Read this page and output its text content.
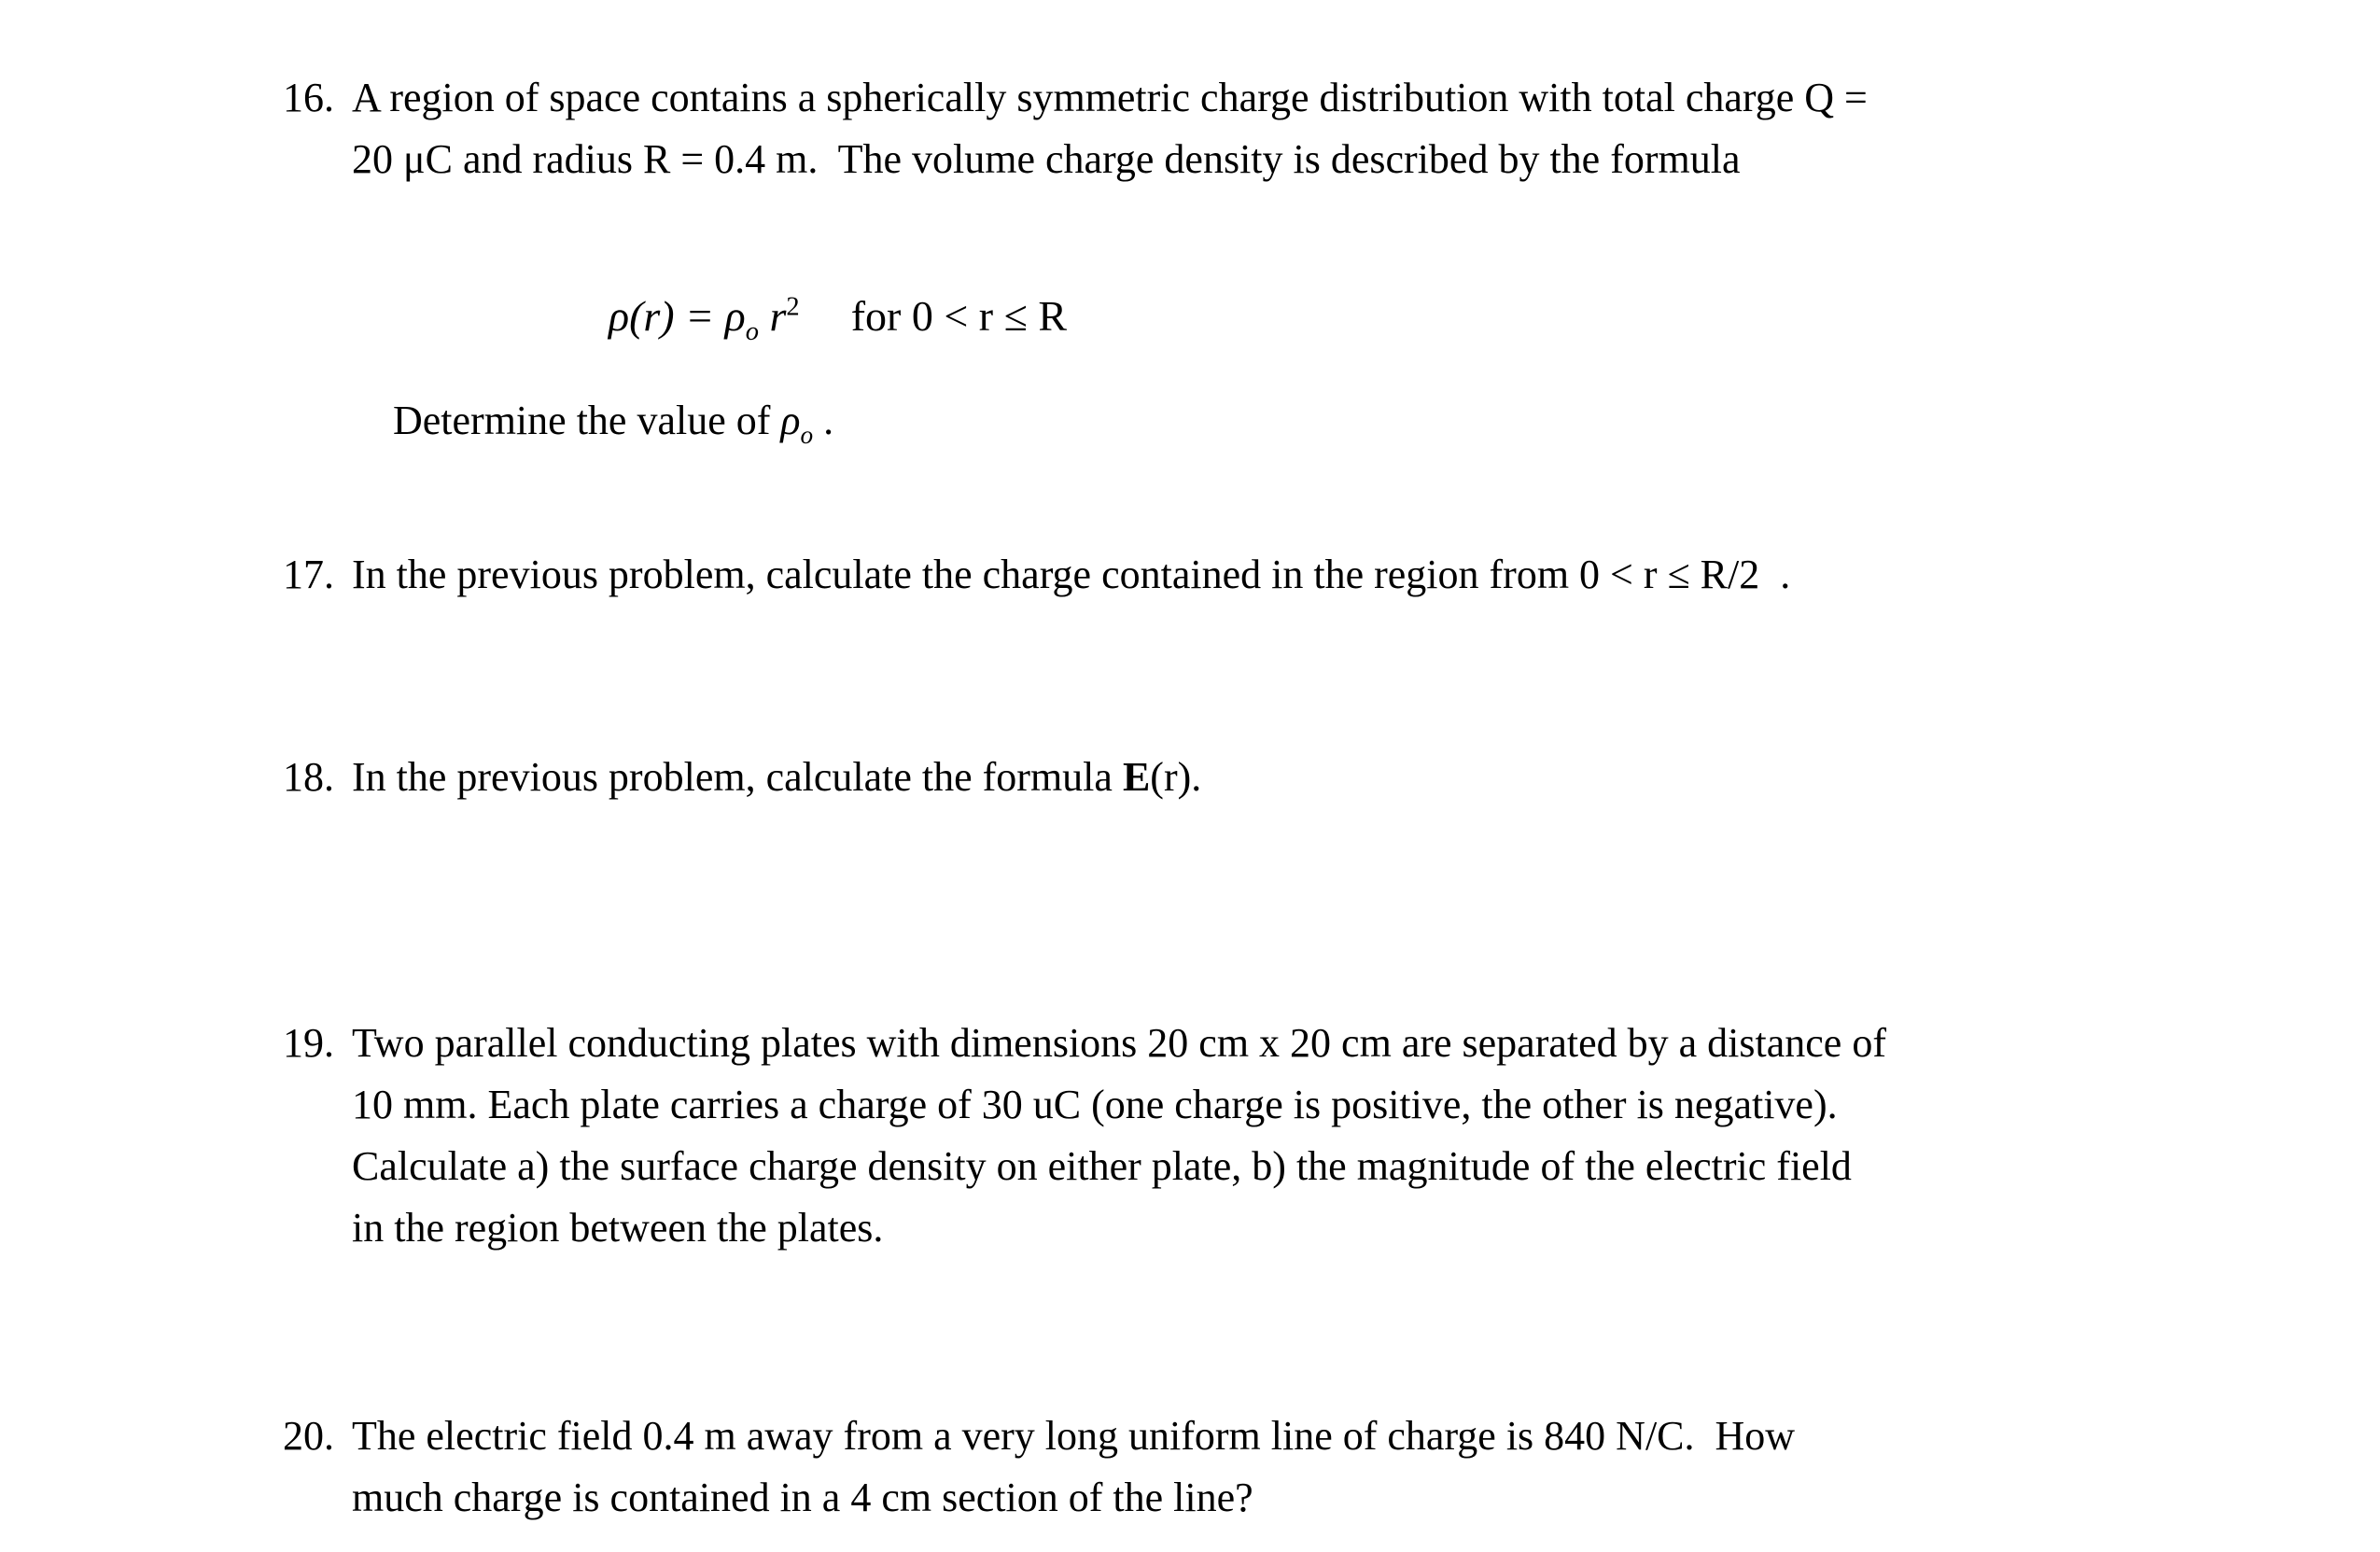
16. A region of space contains a spherically symmetric charge distribution with total charge Q =
20 μC and radius R = 0.4 m.  The volume charge density is described by the formula

$\rho(r) = \rho_o$ $r^2$ for 0 < r ≤ R

Determine the value of $\rho_o$ .

17. In the previous problem, calculate the charge contained in the region from 0 < r ≤ R/2  .
18. In the previous problem, calculate the formula E(r).
19. Two parallel conducting plates with dimensions 20 cm x 20 cm are separated by a distance of
10 mm. Each plate carries a charge of 30 uC (one charge is positive, the other is negative).
Calculate a) the surface charge density on either plate, b) the magnitude of the electric field
in the region between the plates.
20. The electric field 0.4 m away from a very long uniform line of charge is 840 N/C.  How
much charge is contained in a 4 cm section of the line?
